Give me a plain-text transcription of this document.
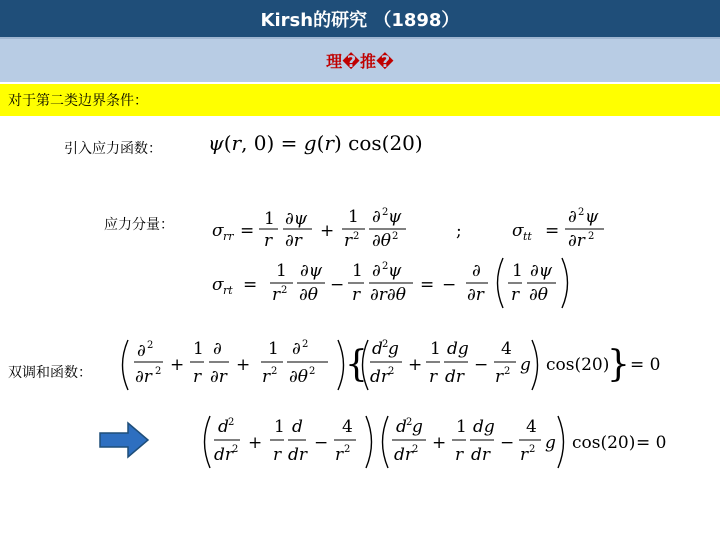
Kirsh的研究 （1898）
理�推�
对于第二类边界条件：
引入应力函数：
应力分量：
双调和函数：
ψ(r, 0) = g(r) cos(20)
σ rr =
1
r
∂ψ
∂r +
1
r 2
∂ 2 ψ
∂θ 2	;	σ tt =
∂ 2 ψ
∂r 2
σ rt =
1
r 2
∂ψ
∂θ −
1
r
∂ 2 ψ
∂r∂θ = −
∂
∂r
1
r
∂ψ
∂θ
∂ 2
∂r 2 +
1
r
∂
∂r
+
1
r 2
∂ 2
∂θ 2 { d 2 g
dr
2 +
1
r
dg
dr
−
4
r 2 g cos(20)
} = 0
d 2
dr
2 +
1
r
d
dr
−
4
r 2
d 2 g
dr
2 +
1
r
dg
dr
−
4
r 2 g cos(20) = 0
